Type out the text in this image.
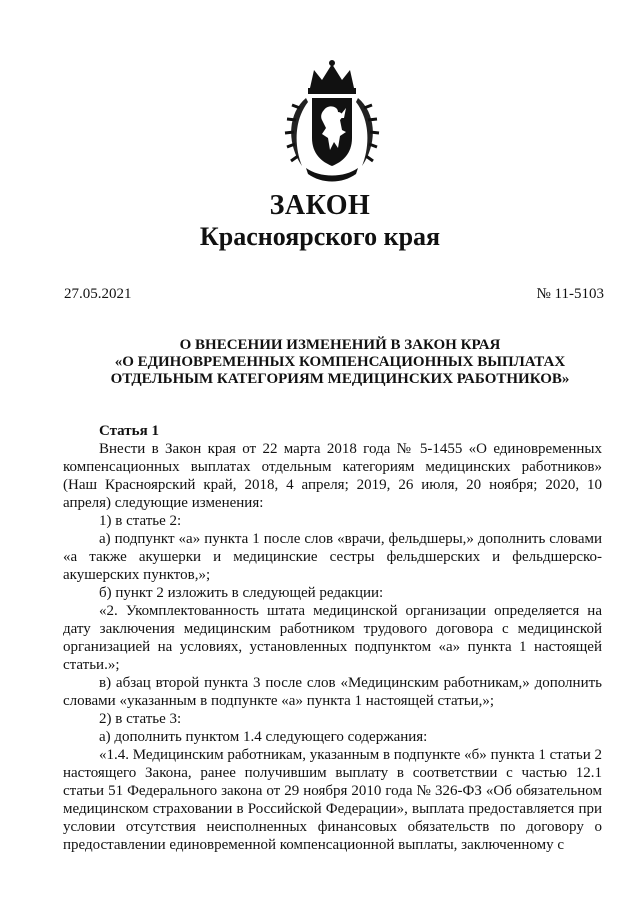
ЗАКОН
Красноярского края
27.05.2021	№ 11-5103
О ВНЕСЕНИИ ИЗМЕНЕНИЙ В ЗАКОН КРАЯ
«О ЕДИНОВРЕМЕННЫХ КОМПЕНСАЦИОННЫХ ВЫПЛАТАХ
ОТДЕЛЬНЫМ КАТЕГОРИЯМ МЕДИЦИНСКИХ РАБОТНИКОВ»

Статья 1

Внести в Закон края от 22 марта 2018 года № 5-1455 «О единовременных компенсационных выплатах отдельным категориям медицинских работников» (Наш Красноярский край, 2018, 4 апреля; 2019, 26 июля, 20 ноября; 2020, 10 апреля) следующие изменения:

1) в статье 2:

а) подпункт «а» пункта 1 после слов «врачи, фельдшеры,» дополнить словами «а также акушерки и медицинские сестры фельдшерских и фельдшерско-акушерских пунктов,»;

б) пункт 2 изложить в следующей редакции:

«2. Укомплектованность штата медицинской организации определяется на дату заключения медицинским работником трудового договора с медицинской организацией на условиях, установленных подпунктом «а» пункта 1 настоящей статьи.»;

в) абзац второй пункта 3 после слов «Медицинским работникам,» дополнить словами «указанным в подпункте «а» пункта 1 настоящей статьи,»;

2) в статье 3:

а) дополнить пунктом 1.4 следующего содержания:

«1.4. Медицинским работникам, указанным в подпункте «б» пункта 1 статьи 2 настоящего Закона, ранее получившим выплату в соответствии с частью 12.1 статьи 51 Федерального закона от 29 ноября 2010 года № 326-ФЗ «Об обязательном медицинском страховании в Российской Федерации», выплата предоставляется при условии отсутствия неисполненных финансовых обязательств по договору о предоставлении единовременной компенсационной выплаты, заключенному с
